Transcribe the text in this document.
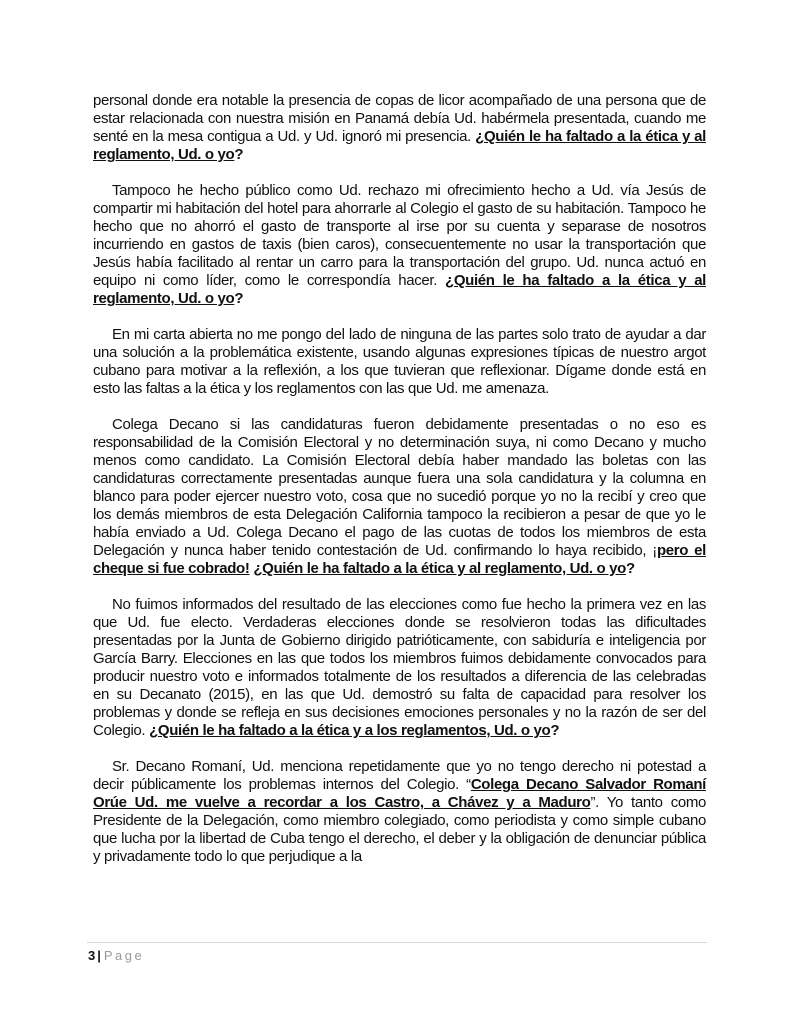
personal donde era notable la presencia de copas de licor acompañado de una persona que de estar relacionada con nuestra misión en Panamá debía Ud. habérmela presentada, cuando me senté en la mesa contigua a Ud. y Ud. ignoró mi presencia. ¿Quién le ha faltado a la ética y al reglamento, Ud. o yo?

Tampoco he hecho público como Ud. rechazo mi ofrecimiento hecho a Ud. vía Jesús de compartir mi habitación del hotel para ahorrarle al Colegio el gasto de su habitación. Tampoco he hecho que no ahorró el gasto de transporte al irse por su cuenta y separase de nosotros incurriendo en gastos de taxis (bien caros), consecuentemente no usar la transportación que Jesús había facilitado al rentar un carro para la transportación del grupo. Ud. nunca actuó en equipo ni como líder, como le correspondía hacer. ¿Quién le ha faltado a la ética y al reglamento, Ud. o yo?

En mi carta abierta no me pongo del lado de ninguna de las partes solo trato de ayudar a dar una solución a la problemática existente, usando algunas expresiones típicas de nuestro argot cubano para motivar a la reflexión, a los que tuvieran que reflexionar. Dígame donde está en esto las faltas a la ética y los reglamentos con las que Ud. me amenaza.

Colega Decano si las candidaturas fueron debidamente presentadas o no eso es responsabilidad de la Comisión Electoral y no determinación suya, ni como Decano y mucho menos como candidato. La Comisión Electoral debía haber mandado las boletas con las candidaturas correctamente presentadas aunque fuera una sola candidatura y la columna en blanco para poder ejercer nuestro voto, cosa que no sucedió porque yo no la recibí y creo que los demás miembros de esta Delegación California tampoco la recibieron a pesar de que yo le había enviado a Ud. Colega Decano el pago de las cuotas de todos los miembros de esta Delegación y nunca haber tenido contestación de Ud. confirmando lo haya recibido, ¡pero el cheque si fue cobrado! ¿Quién le ha faltado a la ética y al reglamento, Ud. o yo?

No fuimos informados del resultado de las elecciones como fue hecho la primera vez en las que Ud. fue electo. Verdaderas elecciones donde se resolvieron todas las dificultades presentadas por la Junta de Gobierno dirigido patrióticamente, con sabiduría e inteligencia por García Barry. Elecciones en las que todos los miembros fuimos debidamente convocados para producir nuestro voto e informados totalmente de los resultados a diferencia de las celebradas en su Decanato (2015), en las que Ud. demostró su falta de capacidad para resolver los problemas y donde se refleja en sus decisiones emociones personales y no la razón de ser del Colegio. ¿Quién le ha faltado a la ética y a los reglamentos, Ud. o yo?

Sr. Decano Romaní, Ud. menciona repetidamente que yo no tengo derecho ni potestad a decir públicamente los problemas internos del Colegio. “Colega Decano Salvador Romaní Orúe Ud. me vuelve a recordar a los Castro, a Chávez y a Maduro”. Yo tanto como Presidente de la Delegación, como miembro colegiado, como periodista y como simple cubano que lucha por la libertad de Cuba tengo el derecho, el deber y la obligación de denunciar pública y privadamente todo lo que perjudique a la

3 | Page
